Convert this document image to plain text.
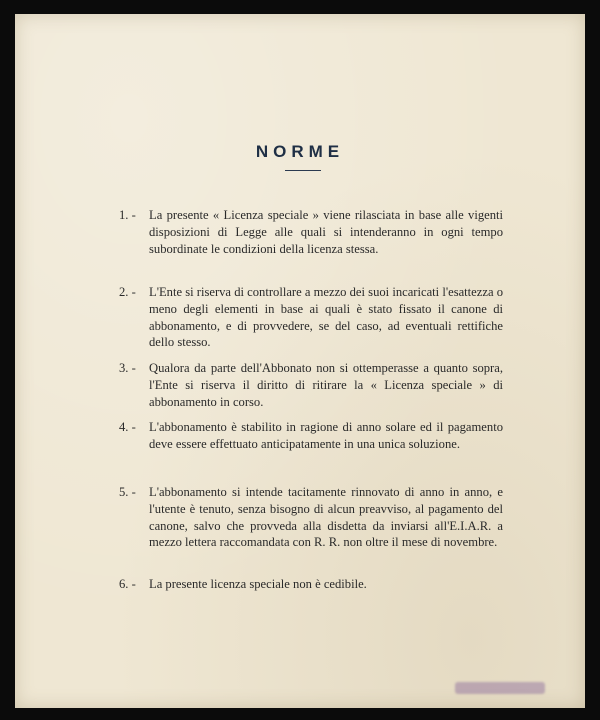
NORME
1. - La presente « Licenza speciale » viene rilasciata in base alle vigenti disposizioni di Legge alle quali si intenderanno in ogni tempo subordinate le condizioni della licenza stessa.
2. - L'Ente si riserva di controllare a mezzo dei suoi incaricati l'esattezza o meno degli elementi in base ai quali è stato fissato il canone di abbonamento, e di provvedere, se del caso, ad eventuali rettifiche dello stesso.
3. - Qualora da parte dell'Abbonato non si ottemperasse a quanto sopra, l'Ente si riserva il diritto di ritirare la « Licenza speciale » di abbonamento in corso.
4. - L'abbonamento è stabilito in ragione di anno solare ed il pagamento deve essere effettuato anticipatamente in una unica soluzione.
5. - L'abbonamento si intende tacitamente rinnovato di anno in anno, e l'utente è tenuto, senza bisogno di alcun preavviso, al pagamento del canone, salvo che provveda alla disdetta da inviarsi all'E.I.A.R. a mezzo lettera raccomandata con R. R. non oltre il mese di novembre.
6. - La presente licenza speciale non è cedibile.
